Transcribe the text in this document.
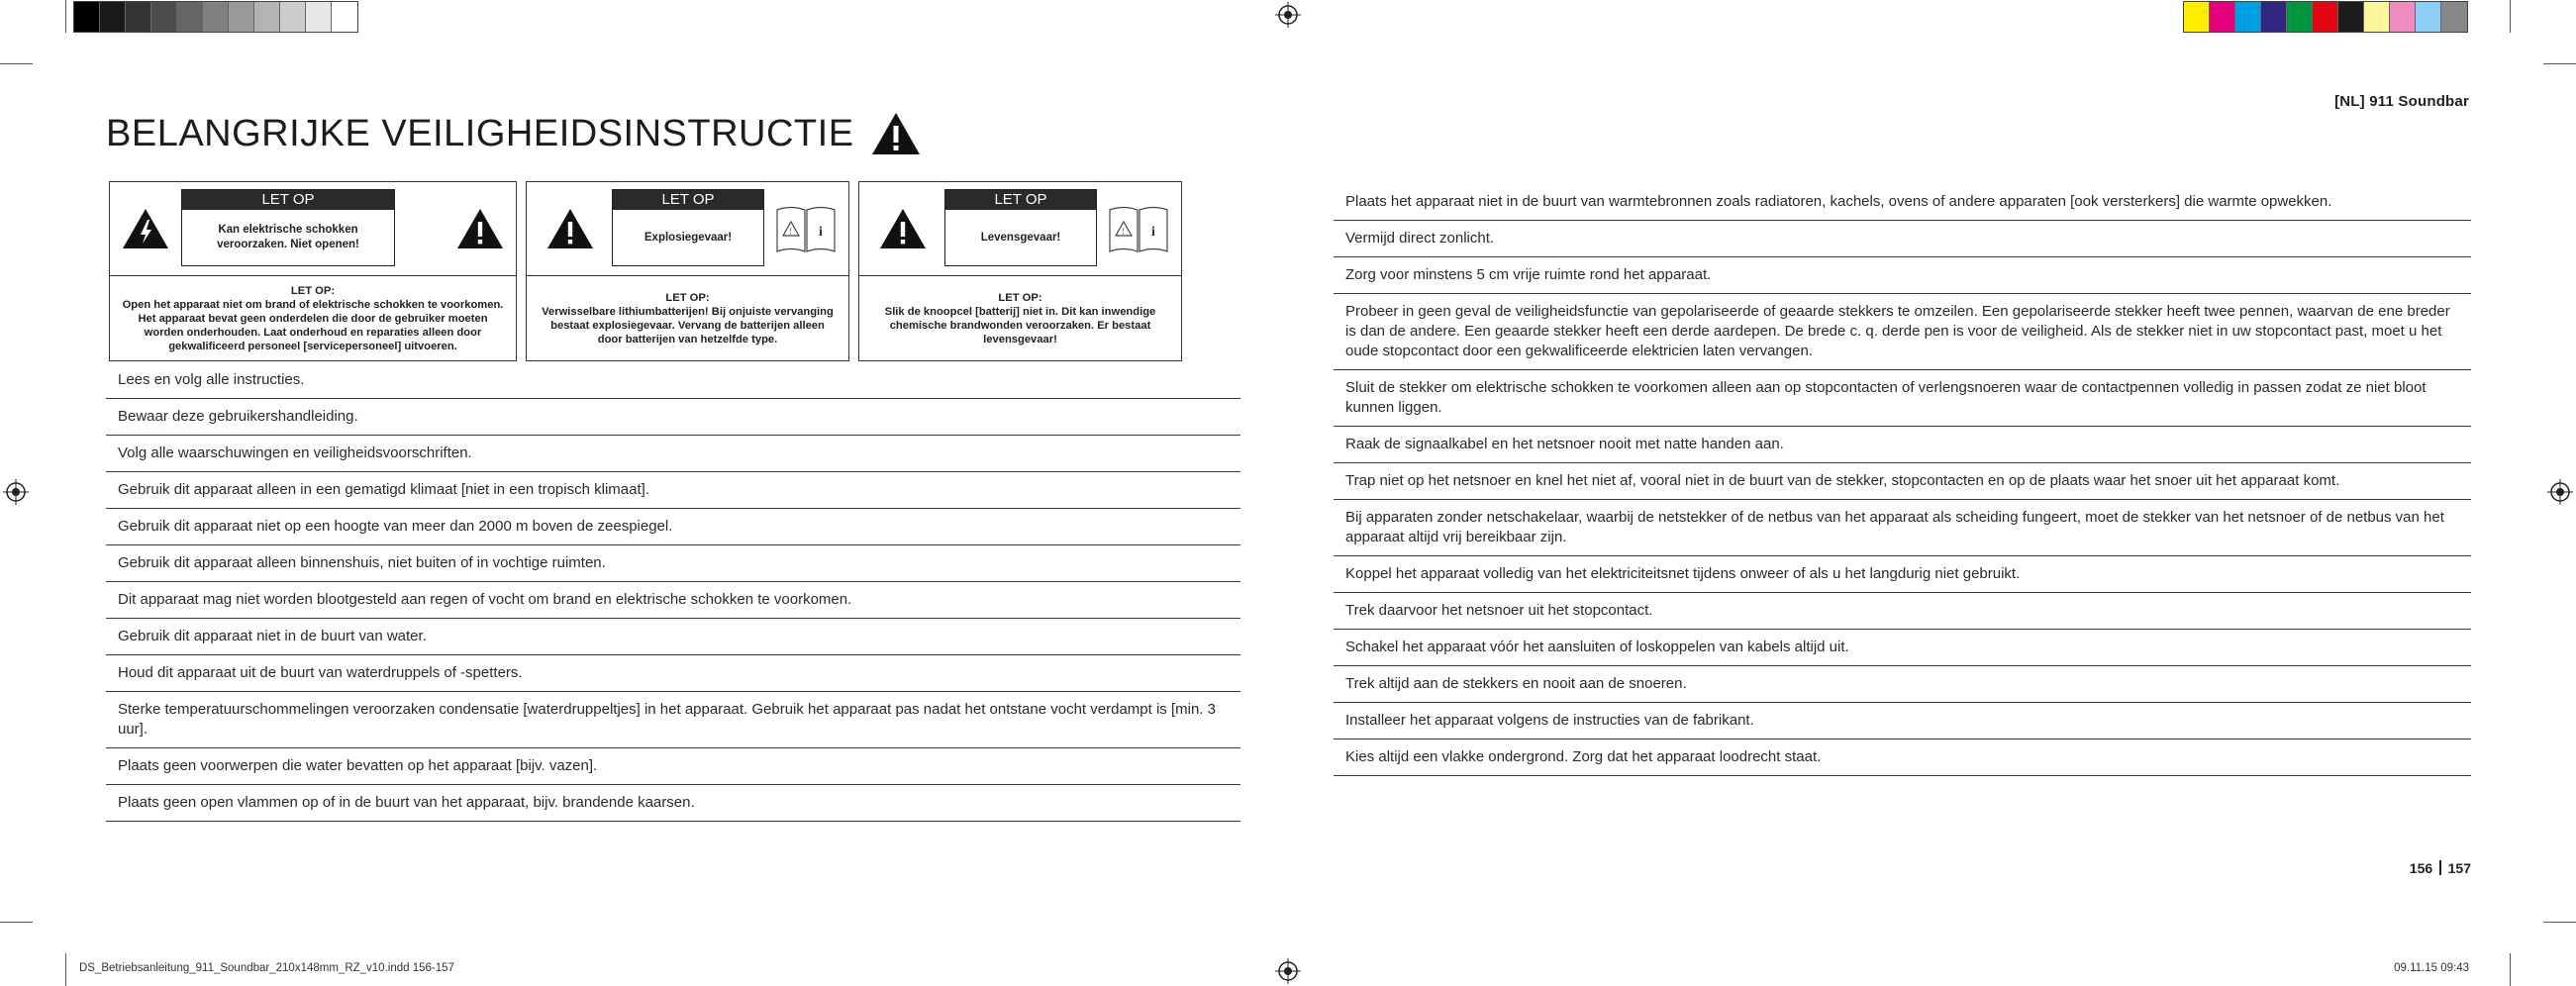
[NL] 911 Soundbar
BELANGRIJKE VEILIGHEIDSINSTRUCTIE
LET OP
Kan elektrische schokken veroorzaken. Niet openen!
LET OP:
Open het apparaat niet om brand of elektrische schokken te voorkomen. Het apparaat bevat geen onderdelen die door de gebruiker moeten worden onderhouden. Laat onderhoud en reparaties alleen door gekwalificeerd personeel [servicepersoneel] uitvoeren.
LET OP
Explosiegevaar!	! i
LET OP:
Verwisselbare lithiumbatterijen! Bij onjuiste vervanging bestaat explosiegevaar. Vervang de batterijen alleen door batterijen van hetzelfde type.
LET OP
Levensgevaar!	! i
LET OP:
Slik de knoopcel [batterij] niet in. Dit kan inwendige chemische brandwonden veroorzaken. Er bestaat levensgevaar!
Lees en volg alle instructies.
Bewaar deze gebruikershandleiding.
Volg alle waarschuwingen en veiligheidsvoorschriften.
Gebruik dit apparaat alleen in een gematigd klimaat [niet in een tropisch klimaat].
Gebruik dit apparaat niet op een hoogte van meer dan 2000 m boven de zeespiegel.
Gebruik dit apparaat alleen binnenshuis, niet buiten of in vochtige ruimten.
Dit apparaat mag niet worden blootgesteld aan regen of vocht om brand en elektrische schokken te voorkomen.
Gebruik dit apparaat niet in de buurt van water.
Houd dit apparaat uit de buurt van waterdruppels of -spetters.
Sterke temperatuurschommelingen veroorzaken condensatie [waterdruppeltjes] in het apparaat. Gebruik het apparaat pas nadat het ontstane vocht verdampt is [min. 3 uur].
Plaats geen voorwerpen die water bevatten op het apparaat [bijv. vazen].
Plaats geen open vlammen op of in de buurt van het apparaat, bijv. brandende kaarsen.
Plaats het apparaat niet in de buurt van warmtebronnen zoals radiatoren, kachels, ovens of andere apparaten [ook versterkers] die warmte opwekken.
Vermijd direct zonlicht.
Zorg voor minstens 5 cm vrije ruimte rond het apparaat.
Probeer in geen geval de veiligheidsfunctie van gepolariseerde of geaarde stekkers te omzeilen. Een gepolariseerde stekker heeft twee pennen, waarvan de ene breder is dan de andere. Een geaarde stekker heeft een derde aardepen. De brede c. q. derde pen is voor de veiligheid. Als de stekker niet in uw stopcontact past, moet u het oude stopcontact door een gekwalificeerde elektricien laten vervangen.
Sluit de stekker om elektrische schokken te voorkomen alleen aan op stopcontacten of verlengsnoeren waar de contactpennen volledig in passen zodat ze niet bloot kunnen liggen.
Raak de signaalkabel en het netsnoer nooit met natte handen aan.
Trap niet op het netsnoer en knel het niet af, vooral niet in de buurt van de stekker, stopcontacten en op de plaats waar het snoer uit het apparaat komt.
Bij apparaten zonder netschakelaar, waarbij de netstekker of de netbus van het apparaat als scheiding fungeert, moet de stekker van het netsnoer of de netbus van het apparaat altijd vrij bereikbaar zijn.
Koppel het apparaat volledig van het elektriciteitsnet tijdens onweer of als u het langdurig niet gebruikt.
Trek daarvoor het netsnoer uit het stopcontact.
Schakel het apparaat vóór het aansluiten of loskoppelen van kabels altijd uit.
Trek altijd aan de stekkers en nooit aan de snoeren.
Installeer het apparaat volgens de instructies van de fabrikant.
Kies altijd een vlakke ondergrond. Zorg dat het apparaat loodrecht staat.
156 157
DS_Betriebsanleitung_911_Soundbar_210x148mm_RZ_v10.indd 156-157	09.11.15 09:43
